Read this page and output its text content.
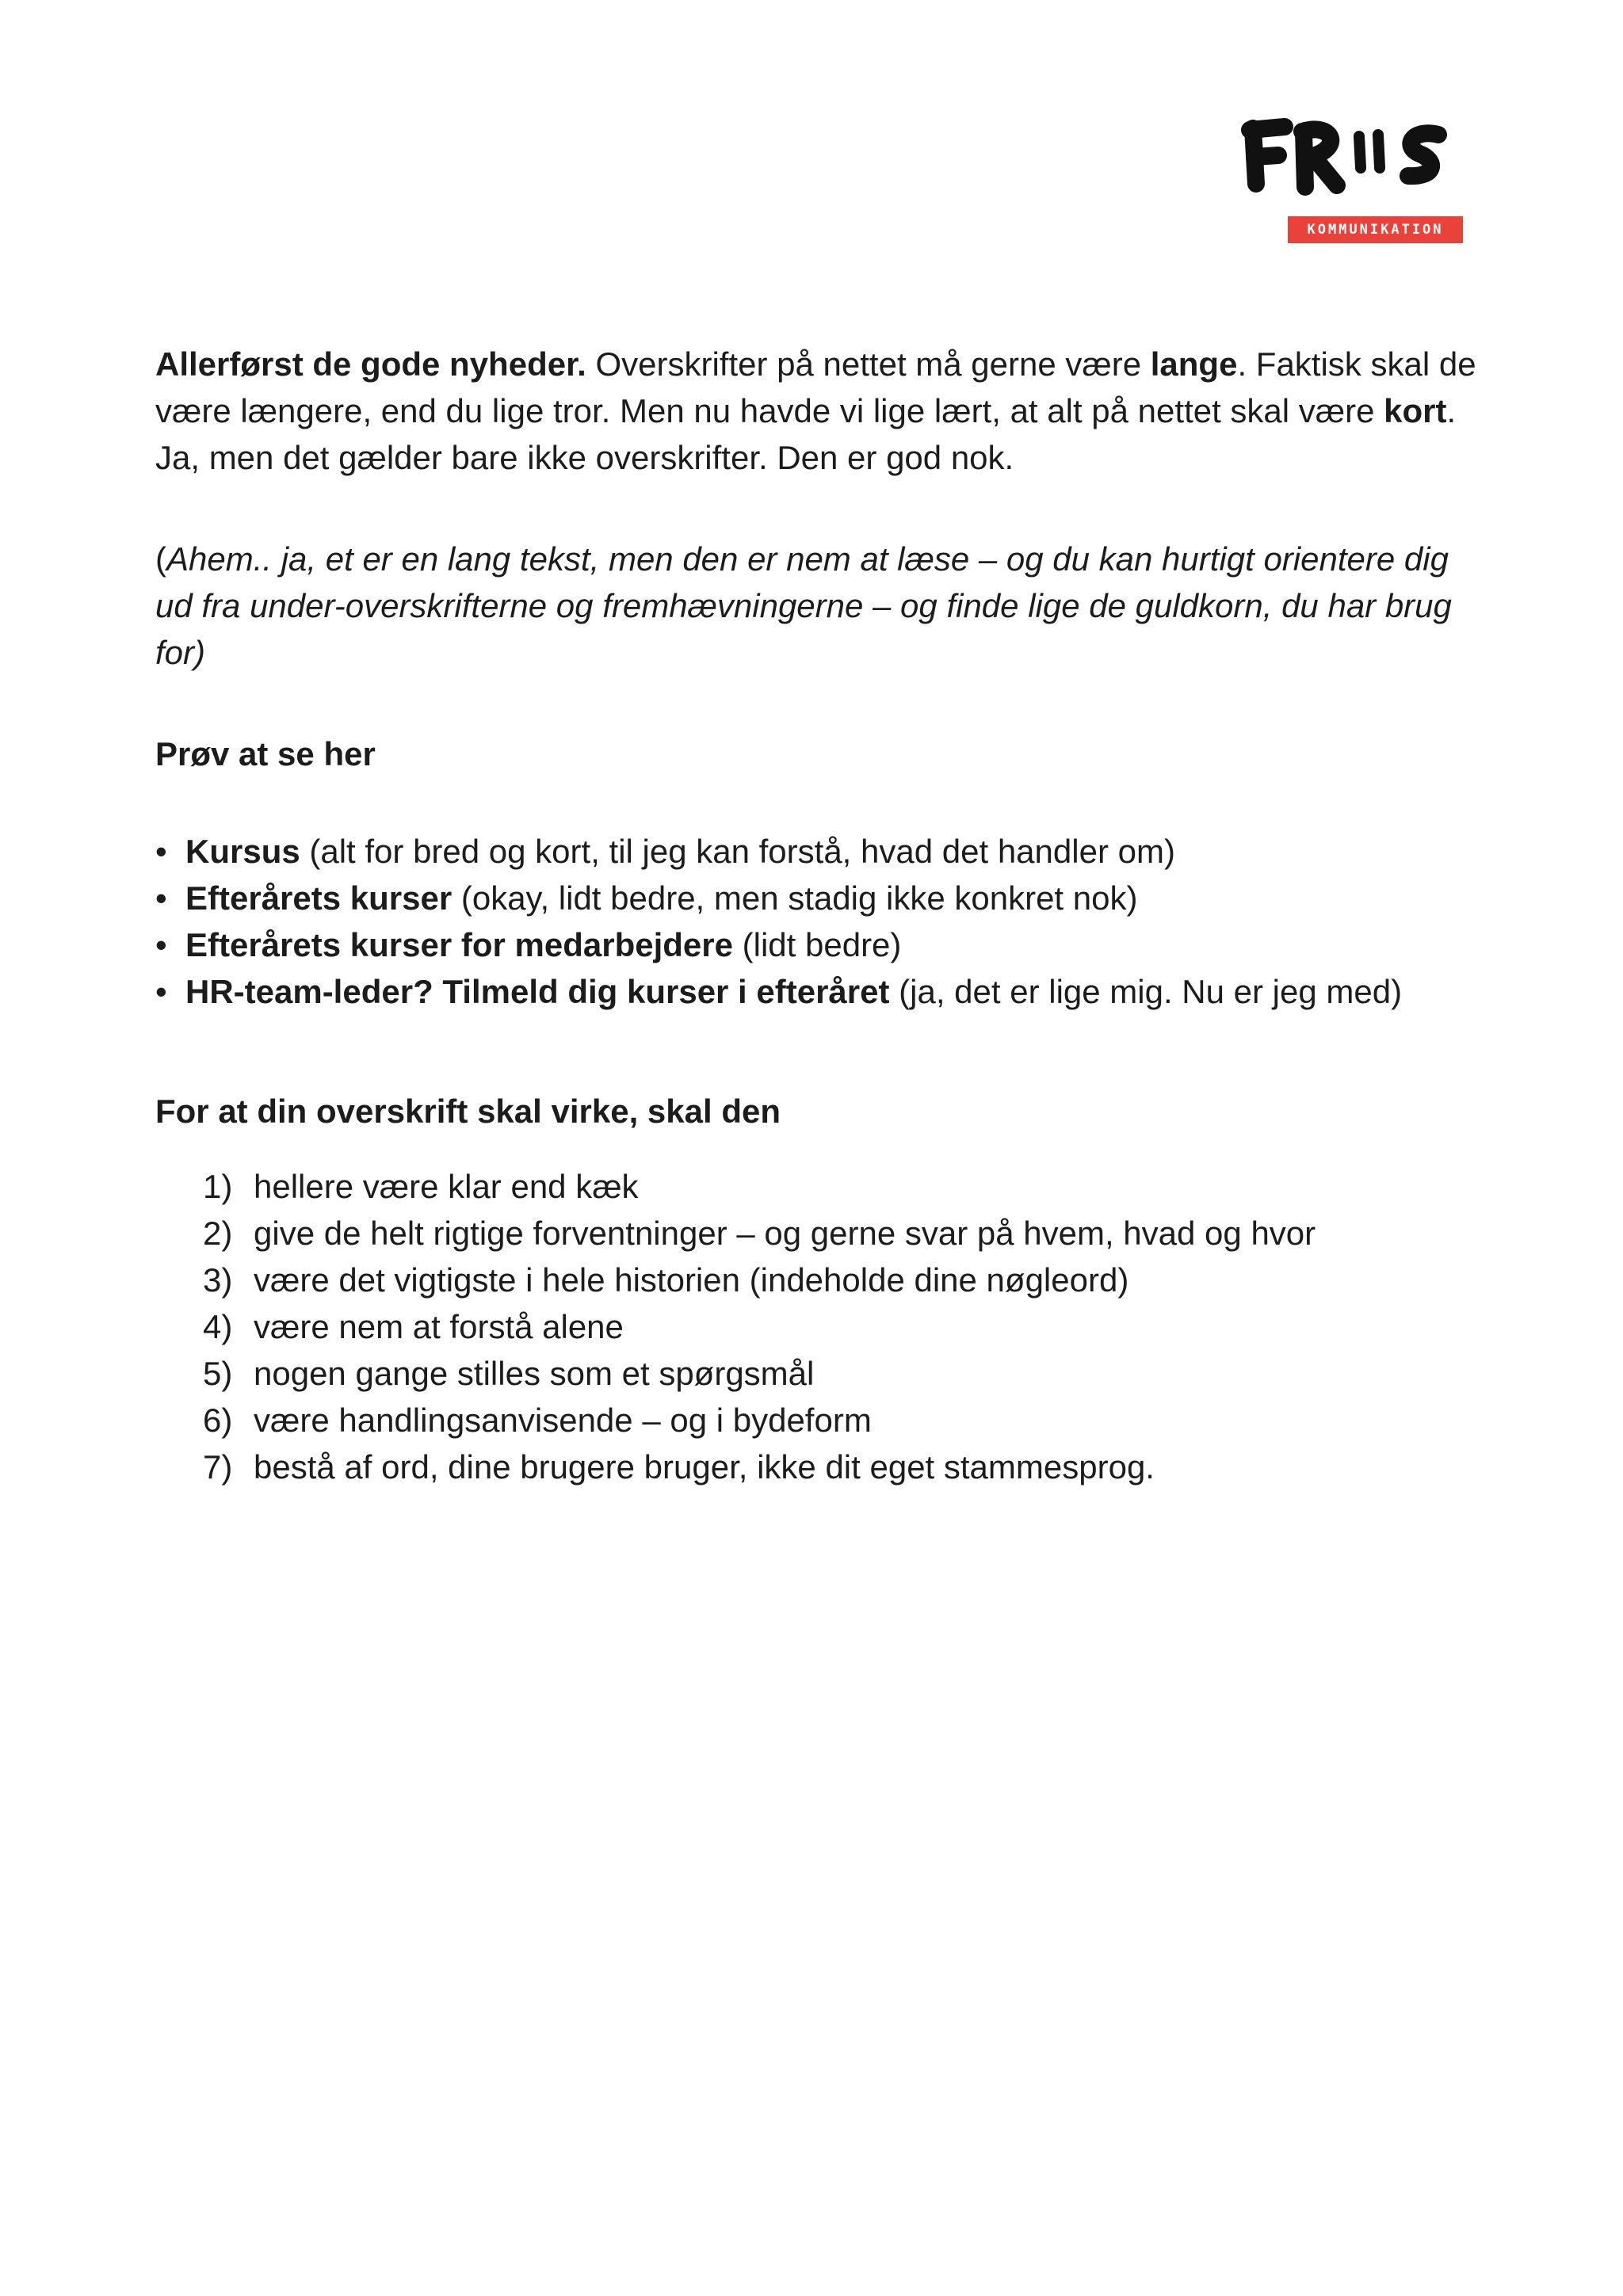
KOMMUNIKATION

Allerførst de gode nyheder. Overskrifter på nettet må gerne være lange. Faktisk skal de være længere, end du lige tror. Men nu havde vi lige lært, at alt på nettet skal være kort. Ja, men det gælder bare ikke overskrifter. Den er god nok.

(Ahem.. ja, et er en lang tekst, men den er nem at læse – og du kan hurtigt orientere dig ud fra under-overskrifterne og fremhævningerne – og finde lige de guldkorn, du har brug for)

Prøv at se her
• Kursus (alt for bred og kort, til jeg kan forstå, hvad det handler om)
• Efterårets kurser (okay, lidt bedre, men stadig ikke konkret nok)
• Efterårets kurser for medarbejdere (lidt bedre)
• HR-team-leder? Tilmeld dig kurser i efteråret (ja, det er lige mig. Nu er jeg med)
For at din overskrift skal virke, skal den
1) hellere være klar end kæk
2) give de helt rigtige forventninger – og gerne svar på hvem, hvad og hvor
3) være det vigtigste i hele historien (indeholde dine nøgleord)
4) være nem at forstå alene
5) nogen gange stilles som et spørgsmål
6) være handlingsanvisende – og i bydeform
7) bestå af ord, dine brugere bruger, ikke dit eget stammesprog.
